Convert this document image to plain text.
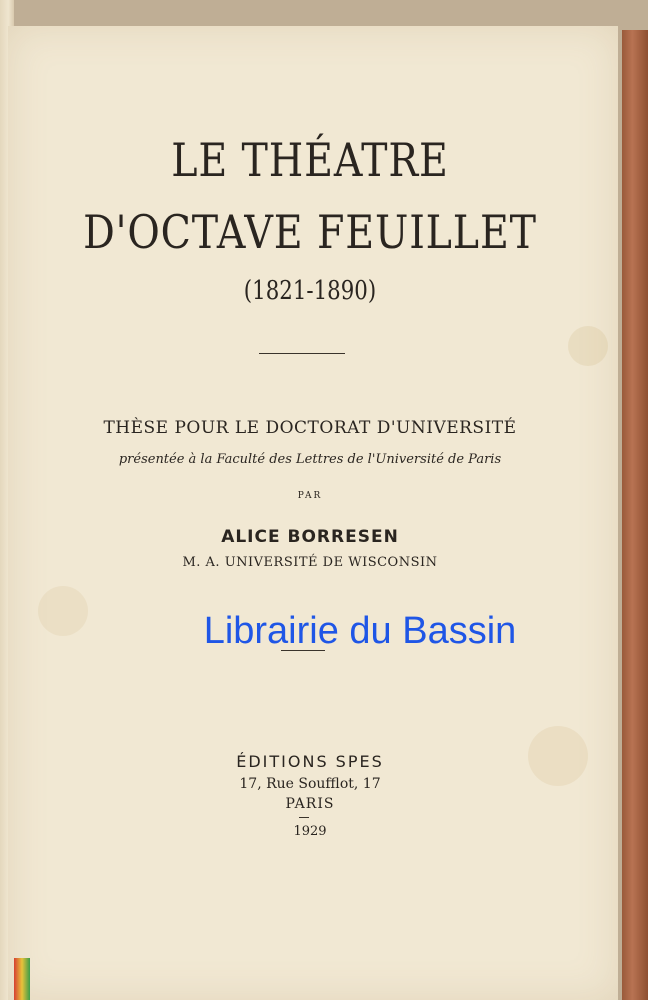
LE THÉATRE
D'OCTAVE FEUILLET
(1821-1890)
THÈSE POUR LE DOCTORAT D'UNIVERSITÉ
présentée à la Faculté des Lettres de l'Université de Paris
PAR
ALICE BORRESEN
M. A. UNIVERSITÉ DE WISCONSIN
Librairie du Bassin
ÉDITIONS SPES
17, Rue Soufflot, 17
PARIS
1929
